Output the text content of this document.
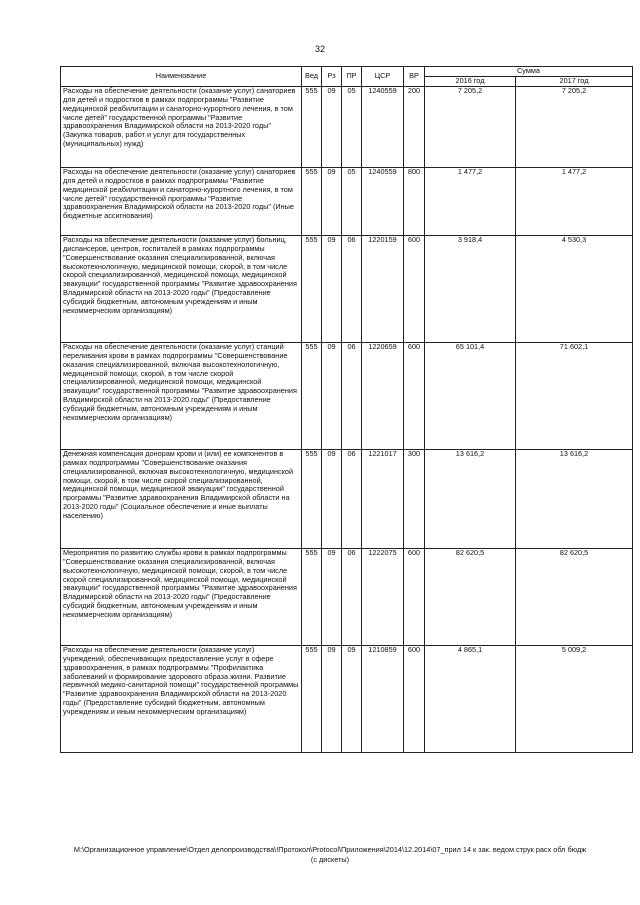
32
Наименование	Вед	Рз	ПР	ЦСР	ВР	Сумма	
						2016 год	2017 год
Расходы на обеспечение деятельности (оказание услуг) санаториев для детей и подростков в рамках подпрограммы "Развитие медицинской реабилитации и санаторно-курортного лечения, в том числе детей" государственной программы "Развитие здравоохранения Владимирской области на 2013-2020 годы" (Закупка товаров, работ и услуг для государственных (муниципальных) нужд)	555	09	05	1240559	200	7 205,2	7 205,2
Расходы на обеспечение деятельности (оказание услуг) санаториев для детей и подростков в рамках подпрограммы "Развитие медицинской реабилитации и санаторно-курортного лечения, в том числе детей" государственной программы "Развитие здравоохранения Владимирской области на 2013-2020 годы" (Иные бюджетные ассигнования)	555	09	05	1240559	800	1 477,2	1 477,2
Расходы на обеспечение деятельности (оказание услуг) больниц, диспансеров, центров, госпиталей в рамках подпрограммы "Совершенствование оказания специализированной, включая высокотехнологичную, медицинской помощи, скорой, в том числе скорой специализированной, медицинской помощи, медицинской эвакуации" государственной программы "Развитие здравоохранения Владимирской области на 2013-2020 годы" (Предоставление субсидий бюджетным, автономным учреждениям и иным некоммерческим организациям)	555	09	06	1220159	600	3 918,4	4 530,3
Расходы на обеспечение деятельности (оказание услуг) станций переливания крови в рамках подпрограммы "Совершенствование оказания специализированной, включая высокотехнологичную, медицинской помощи, скорой, в том числе скорой специализированной, медицинской помощи, медицинской эвакуации" государственной программы "Развитие здравоохранения Владимирской области на 2013-2020 годы" (Предоставление субсидий бюджетным, автономным учреждениям и иным некоммерческим организациям)	555	09	06	1220659	600	65 101,4	71 602,1
Денежная компенсация донорам крови и (или) ее компонентов в рамках подпрограммы "Совершенствование оказания специализированной, включая высокотехнологичную, медицинской помощи, скорой, в том числе скорой специализированной, медицинской помощи, медицинской эвакуации" государственной программы "Развитие здравоохранения Владимирской области на 2013-2020 годы" (Социальное обеспечение и иные выплаты населению)	555	09	06	1221017	300	13 616,2	13 616,2
Мероприятия по развитию службы крови в рамках подпрограммы "Совершенствование оказания специализированной, включая высокотехнологичную, медицинской помощи, скорой, в том числе скорой специализированной, медицинской помощи, медицинской эвакуации" государственной программы "Развитие здравоохранения Владимирской области на 2013-2020 годы" (Предоставление субсидий бюджетным, автономным учреждениям и иным некоммерческим организациям)	555	09	06	1222075	600	82 620,5	82 620,5
Расходы на обеспечение деятельности (оказание услуг) учреждений, обеспечивающих предоставление услуг в сфере здравоохранения, в рамках подпрограммы "Профилактика заболеваний и формирование здорового образа жизни. Развитие первичной медико-санитарной помощи" государственной программы "Развитие здравоохранения Владимирской области на 2013-2020 годы" (Предоставление субсидий бюджетным, автономным учреждениям и иным некоммерческим организациям)	555	09	09	1210859	600	4 865,1	5 009,2
M:\Организационное управление\Отдел делопроизводства\!Протокол\Protocol\Приложения\2014\12.2014\07_прил 14 к зак. ведом струк расх обл бюдж (с дискеты)
